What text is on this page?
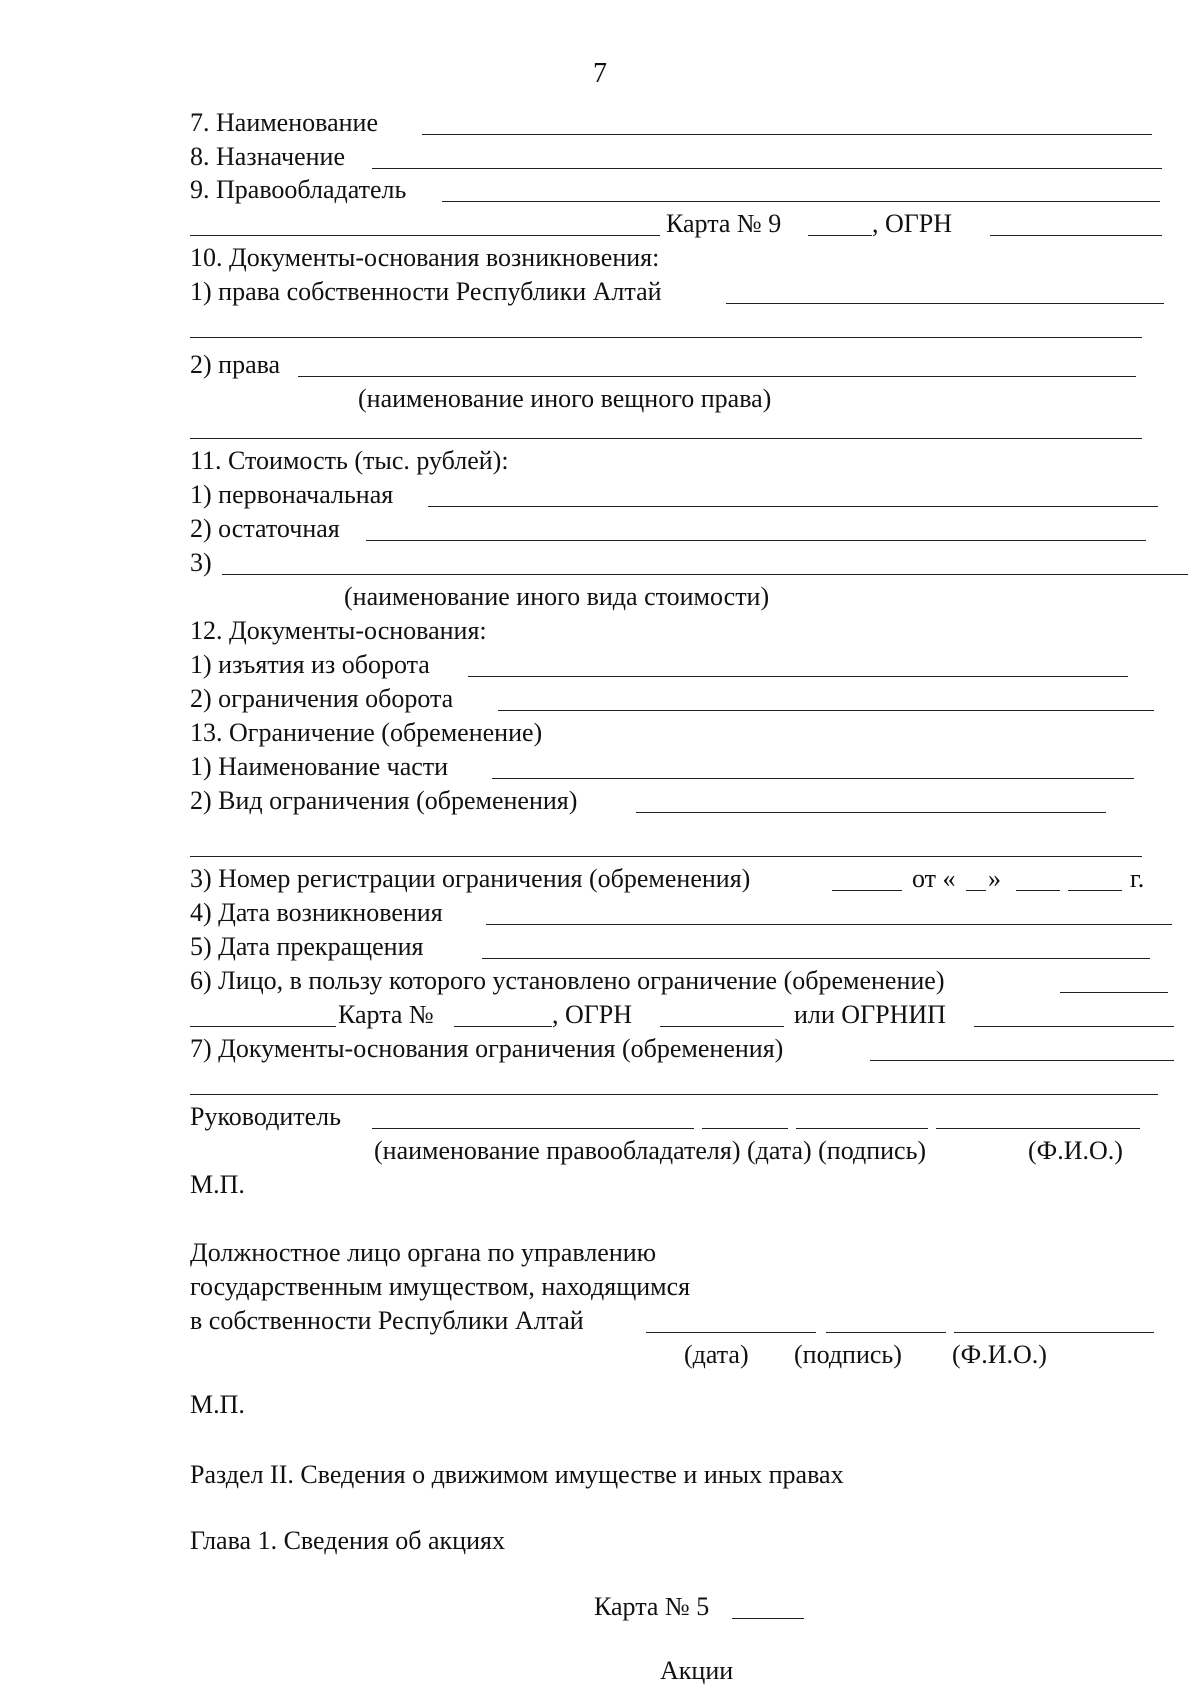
7
7. Наименование
8. Назначение
9. Правообладатель
Карта № 9	, ОГРН
10. Документы-основания возникновения:
1) права собственности Республики Алтай
2) права
(наименование иного вещного права)
11. Стоимость (тыс. рублей):
1) первоначальная
2) остаточная
3)
(наименование иного вида стоимости)
12. Документы-основания:
1) изъятия из оборота
2) ограничения оборота
13. Ограничение (обременение)
1) Наименование части
2) Вид ограничения (обременения)
3) Номер регистрации ограничения (обременения)	от « »	г.
4) Дата возникновения
5) Дата прекращения
6) Лицо, в пользу которого установлено ограничение (обременение)
Карта №	, ОГРН	или ОГРНИП
7) Документы-основания ограничения (обременения)
Руководитель
(наименование правообладателя) (дата) (подпись)	(Ф.И.О.)
М.П.
Должностное лицо органа по управлению
государственным имуществом, находящимся
в собственности Республики Алтай
(дата) (подпись) (Ф.И.О.)
М.П.
Раздел II. Сведения о движимом имуществе и иных правах
Глава 1. Сведения об акциях
Карта № 5
Акции
